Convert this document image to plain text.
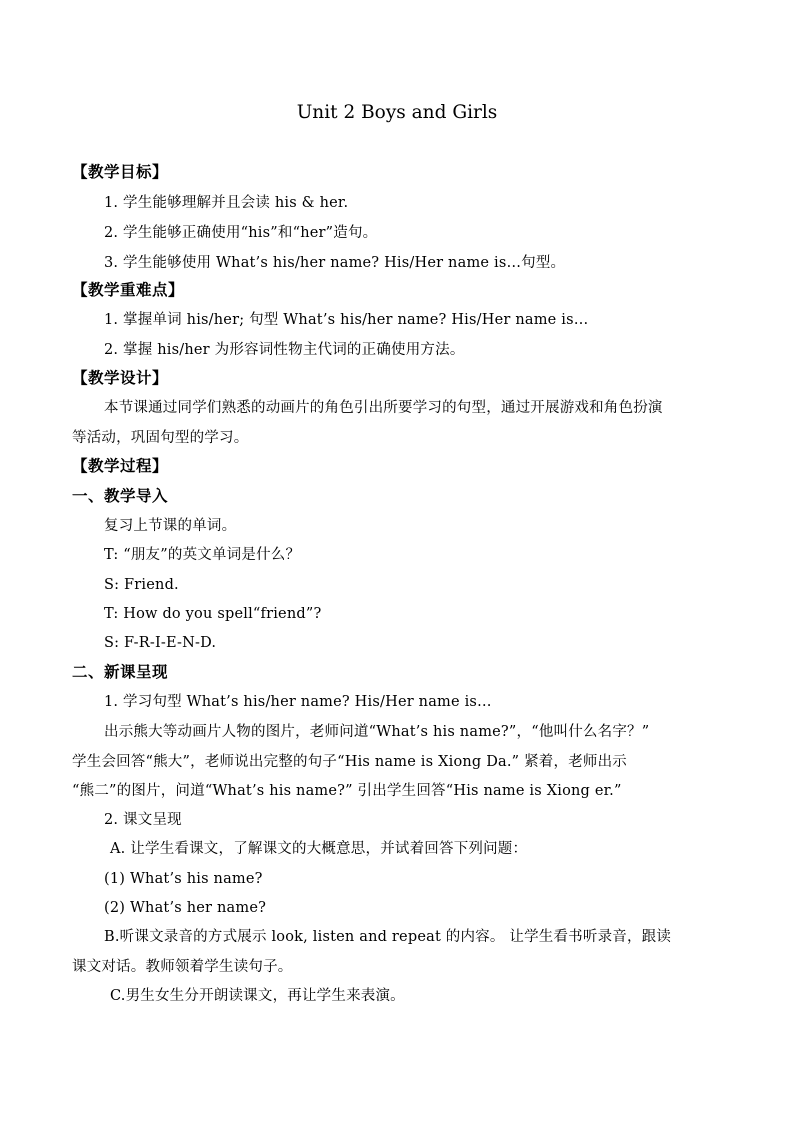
Unit 2 Boys and Girls
【教学目标】
1. 学生能够理解并且会读 his & her.
2. 学生能够正确使用“his”和“her”造句。
3. 学生能够使用 What’s his/her name? His/Her name is…句型。
【教学重难点】
1. 掌握单词 his/her; 句型 What’s his/her name? His/Her name is…
2. 掌握 his/her 为形容词性物主代词的正确使用方法。
【教学设计】
本节课通过同学们熟悉的动画片的角色引出所要学习的句型，通过开展游戏和角色扮演
等活动，巩固句型的学习。
【教学过程】
一、教学导入
复习上节课的单词。
T: “朋友”的英文单词是什么？
S: Friend.
T: How do you spell“friend”?
S: F-R-I-E-N-D.
二、新课呈现
1. 学习句型 What’s his/her name? His/Her name is…
出示熊大等动画片人物的图片，老师问道“What’s his name?”，“他叫什么名字？”
学生会回答“熊大”，老师说出完整的句子“His name is Xiong Da.” 紧着，老师出示
“熊二”的图片，问道“What’s his name?” 引出学生回答“His name is Xiong er.”
2. 课文呈现
A. 让学生看课文，了解课文的大概意思，并试着回答下列问题：
(1) What’s his name?
(2) What’s her name?
B.听课文录音的方式展示 look, listen and repeat 的内容。 让学生看书听录音，跟读
课文对话。教师领着学生读句子。
C.男生女生分开朗读课文，再让学生来表演。
